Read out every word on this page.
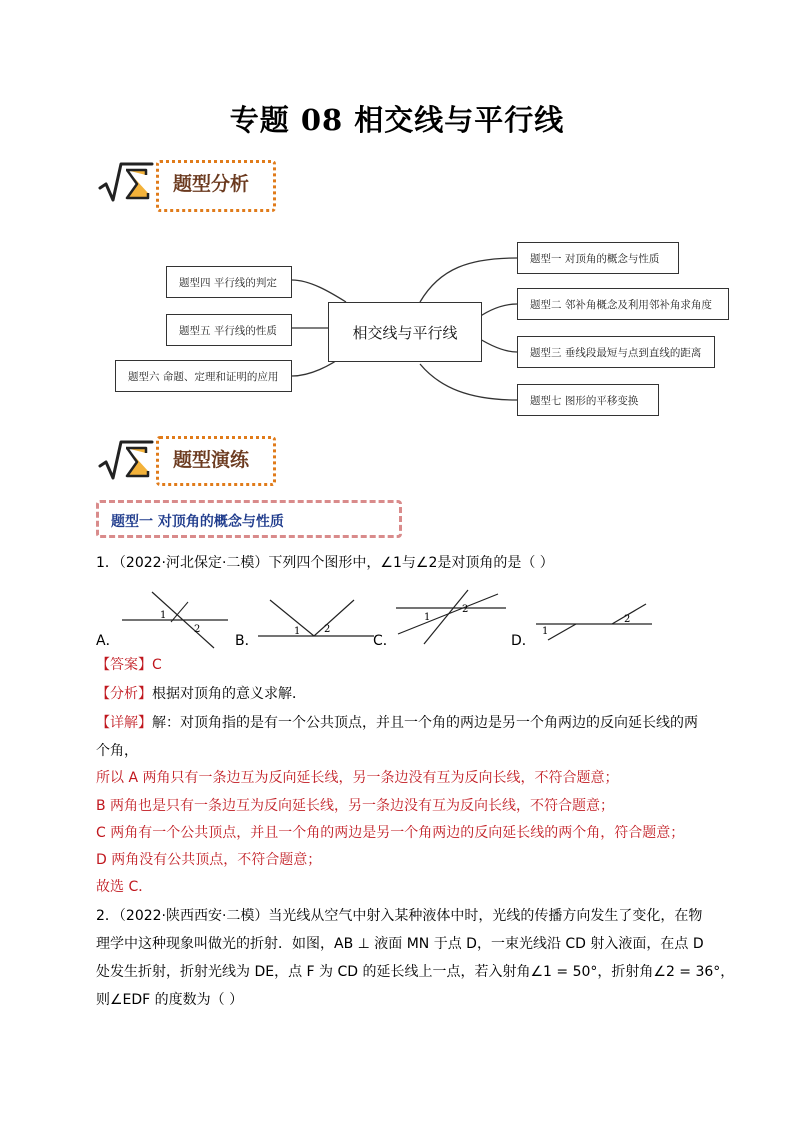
专题 08 相交线与平行线
题型分析
相交线与平行线
题型四 平行线的判定
题型五 平行线的性质
题型六 命题、定理和证明的应用
题型一 对顶角的概念与性质
题型二 邻补角概念及利用邻补角求角度
题型三 垂线段最短与点到直线的距离
题型七 图形的平移变换
题型演练
题型一 对顶角的概念与性质
1．（2022·河北保定·二模）下列四个图形中，∠1与∠2是对顶角的是（ ）
A．
1
2
B．
1 2
C．
1
2
D．
1
2
【答案】C
【分析】根据对顶角的意义求解．
【详解】解：对顶角指的是有一个公共顶点，并且一个角的两边是另一个角两边的反向延长线的两
个角，
所以 A 两角只有一条边互为反向延长线，另一条边没有互为反向长线，不符合题意；
B 两角也是只有一条边互为反向延长线，另一条边没有互为反向长线，不符合题意；
C 两角有一个公共顶点，并且一个角的两边是另一个角两边的反向延长线的两个角，符合题意；
D 两角没有公共顶点，不符合题意；
故选 C．
2．（2022·陕西西安·二模）当光线从空气中射入某种液体中时，光线的传播方向发生了变化，在物
理学中这种现象叫做光的折射．如图，AB ⊥ 液面 MN 于点 D，一束光线沿 CD 射入液面，在点 D
处发生折射，折射光线为 DE，点 F 为 CD 的延长线上一点，若入射角∠1 = 50°，折射角∠2 = 36°，
则∠EDF 的度数为（ ）
